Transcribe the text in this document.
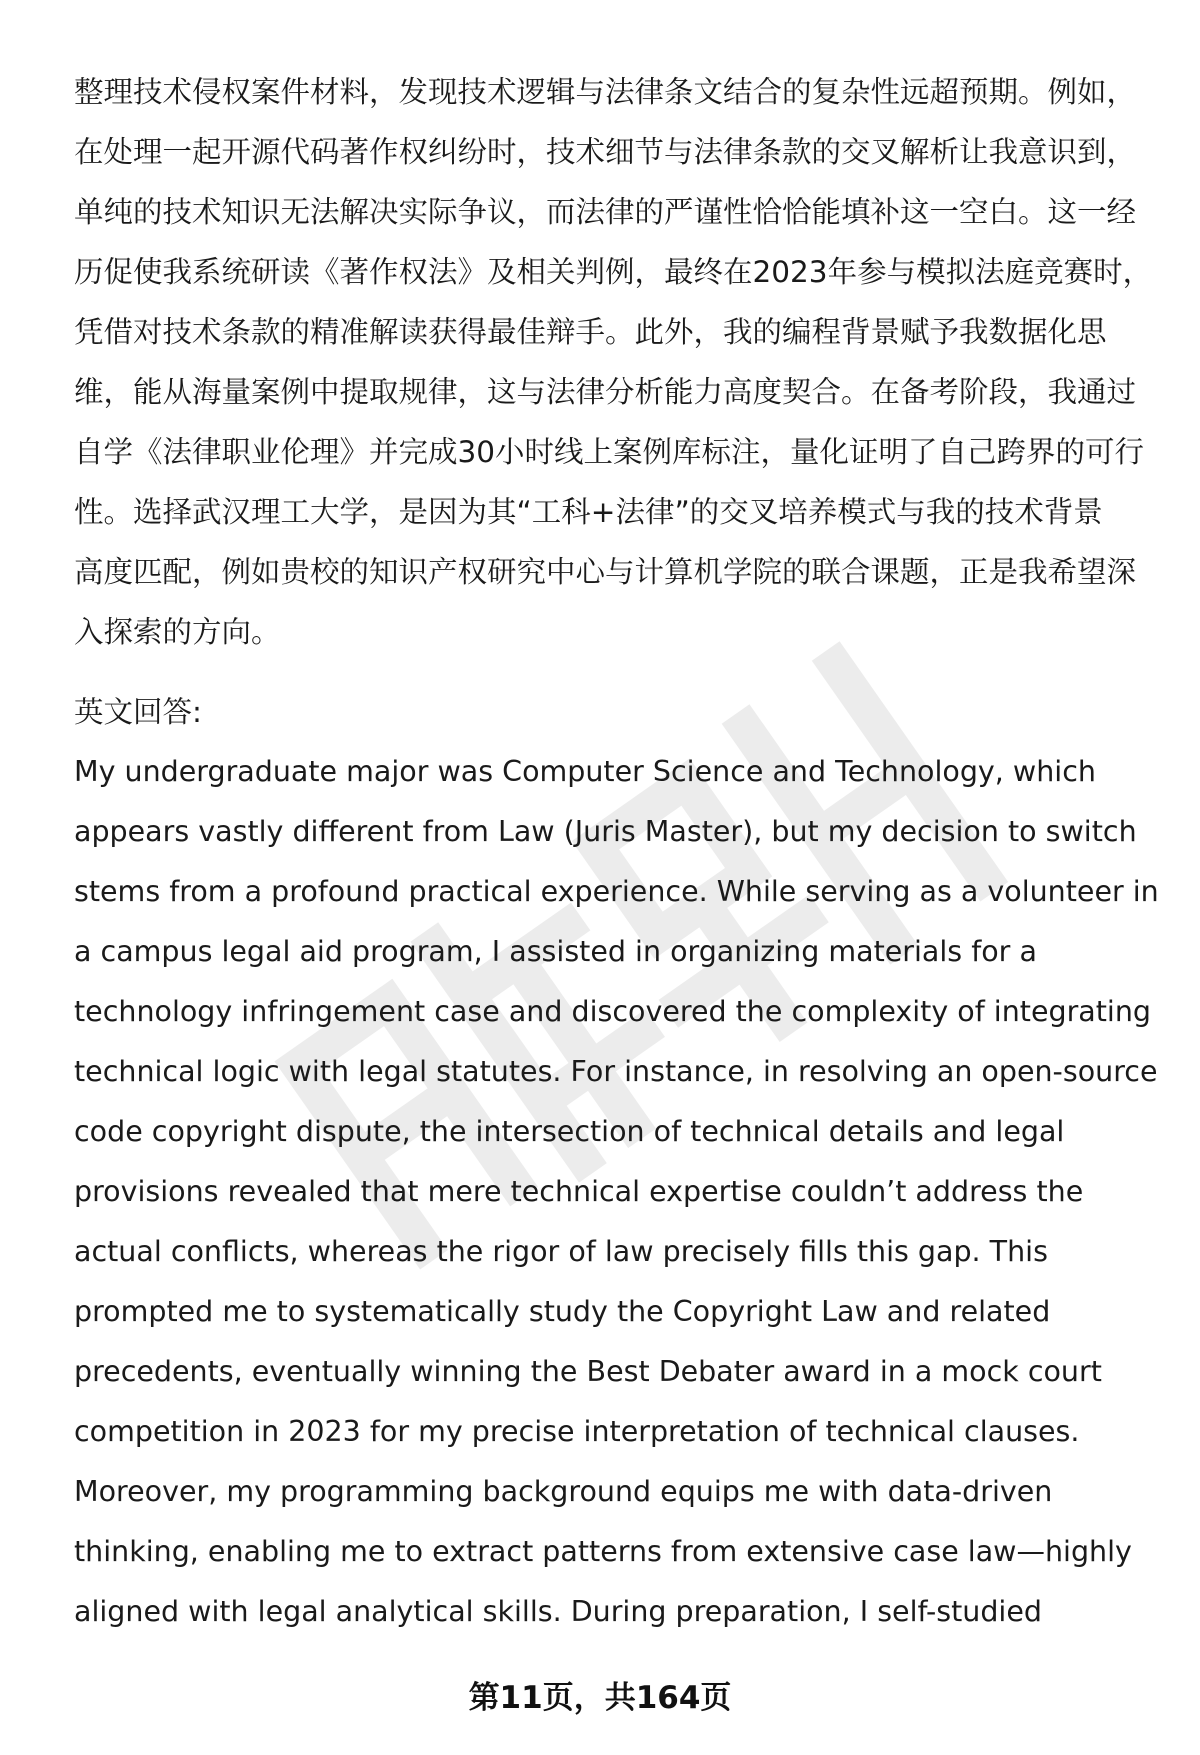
整理技术侵权案件材料，发现技术逻辑与法律条文结合的复杂性远超预期。例如，
在处理一起开源代码著作权纠纷时，技术细节与法律条款的交叉解析让我意识到，
单纯的技术知识无法解决实际争议，而法律的严谨性恰恰能填补这一空白。这一经
历促使我系统研读《著作权法》及相关判例，最终在2023年参与模拟法庭竞赛时，
凭借对技术条款的精准解读获得最佳辩手。此外，我的编程背景赋予我数据化思
维，能从海量案例中提取规律，这与法律分析能力高度契合。在备考阶段，我通过
自学《法律职业伦理》并完成30小时线上案例库标注，量化证明了自己跨界的可行
性。选择武汉理工大学，是因为其“工科+法律”的交叉培养模式与我的技术背景
高度匹配，例如贵校的知识产权研究中心与计算机学院的联合课题，正是我希望深
入探索的方向。
英文回答:
My undergraduate major was Computer Science and Technology, which
appears vastly different from Law (Juris Master), but my decision to switch
stems from a profound practical experience. While serving as a volunteer in
a campus legal aid program, I assisted in organizing materials for a
technology infringement case and discovered the complexity of integrating
technical logic with legal statutes. For instance, in resolving an open-source
code copyright dispute, the intersection of technical details and legal
provisions revealed that mere technical expertise couldn’t address the
actual conflicts, whereas the rigor of law precisely fills this gap. This
prompted me to systematically study the Copyright Law and related
precedents, eventually winning the Best Debater award in a mock court
competition in 2023 for my precise interpretation of technical clauses.
Moreover, my programming background equips me with data-driven
thinking, enabling me to extract patterns from extensive case law—highly
aligned with legal analytical skills. During preparation, I self-studied
第11页，共164页
